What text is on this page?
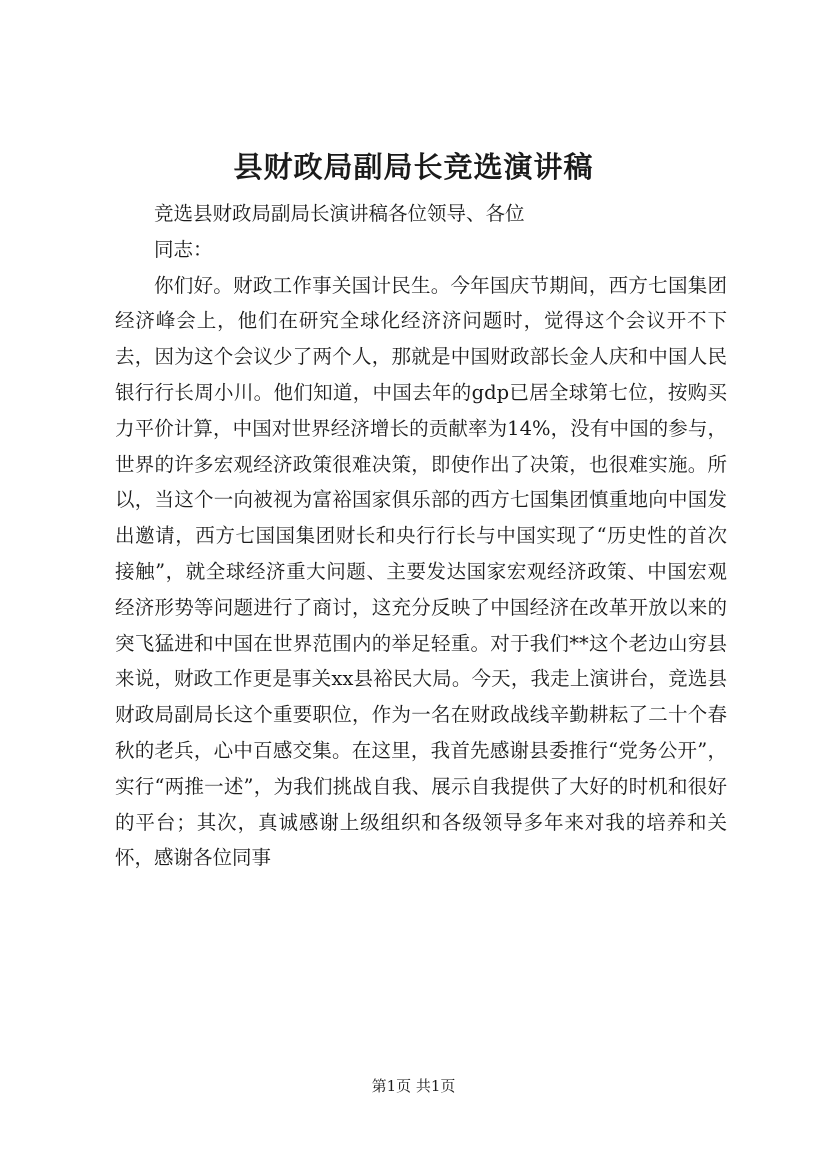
县财政局副局长竞选演讲稿

竞选县财政局副局长演讲稿各位领导、各位

同志：

你们好。财政工作事关国计民生。今年国庆节期间，西方七国集团经济峰会上，他们在研究全球化经济济问题时，觉得这个会议开不下去，因为这个会议少了两个人，那就是中国财政部长金人庆和中国人民银行行长周小川。他们知道，中国去年的gdp已居全球第七位，按购买力平价计算，中国对世界经济增长的贡献率为14%，没有中国的参与，世界的许多宏观经济政策很难决策，即使作出了决策，也很难实施。所以，当这个一向被视为富裕国家俱乐部的西方七国集团慎重地向中国发出邀请，西方七国国集团财长和央行行长与中国实现了“历史性的首次接触”，就全球经济重大问题、主要发达国家宏观经济政策、中国宏观经济形势等问题进行了商讨，这充分反映了中国经济在改革开放以来的突飞猛进和中国在世界范围内的举足轻重。对于我们**这个老边山穷县来说，财政工作更是事关xx县裕民大局。今天，我走上演讲台，竞选县财政局副局长这个重要职位，作为一名在财政战线辛勤耕耘了二十个春秋的老兵，心中百感交集。在这里，我首先感谢县委推行“党务公开”，实行“两推一述”，为我们挑战自我、展示自我提供了大好的时机和很好的平台；其次，真诚感谢上级组织和各级领导多年来对我的培养和关怀，感谢各位同事

第1页 共1页
